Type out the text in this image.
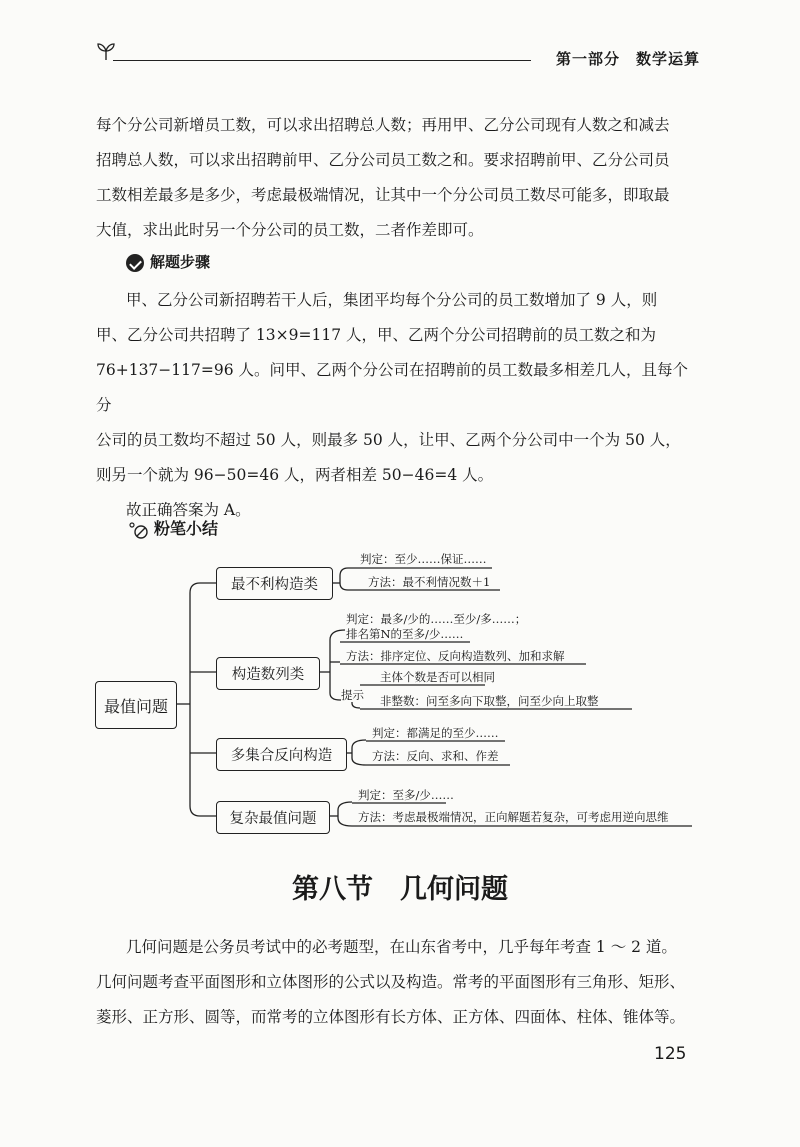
第一部分　数学运算
每个分公司新增员工数，可以求出招聘总人数；再用甲、乙分公司现有人数之和减去
招聘总人数，可以求出招聘前甲、乙分公司员工数之和。要求招聘前甲、乙分公司员
工数相差最多是多少，考虑最极端情况，让其中一个分公司员工数尽可能多，即取最
大值，求出此时另一个分公司的员工数，二者作差即可。
解题步骤
甲、乙分公司新招聘若干人后，集团平均每个分公司的员工数增加了 9 人，则
甲、乙分公司共招聘了 13×9=117 人，甲、乙两个分公司招聘前的员工数之和为
76+137−117=96 人。问甲、乙两个分公司在招聘前的员工数最多相差几人，且每个分
公司的员工数均不超过 50 人，则最多 50 人，让甲、乙两个分公司中一个为 50 人，
则另一个就为 96−50=46 人，两者相差 50−46=4 人。
故正确答案为 A。
粉笔小结
最值问题
最不利构造类
构造数列类
多集合反向构造
复杂最值问题
判定：至少……保证……
方法：最不利情况数＋1
判定：最多/少的……至少/多……；
排名第N的至多/少……
方法：排序定位、反向构造数列、加和求解
提示
主体个数是否可以相同
非整数：问至多向下取整，问至少向上取整
判定：都满足的至少……
方法：反向、求和、作差
判定：至多/少……
方法：考虑最极端情况，正向解题若复杂，可考虑用逆向思维
第八节　几何问题
几何问题是公务员考试中的必考题型，在山东省考中，几乎每年考查 1 ～ 2 道。
几何问题考查平面图形和立体图形的公式以及构造。常考的平面图形有三角形、矩形、
菱形、正方形、圆等，而常考的立体图形有长方体、正方体、四面体、柱体、锥体等。
125
